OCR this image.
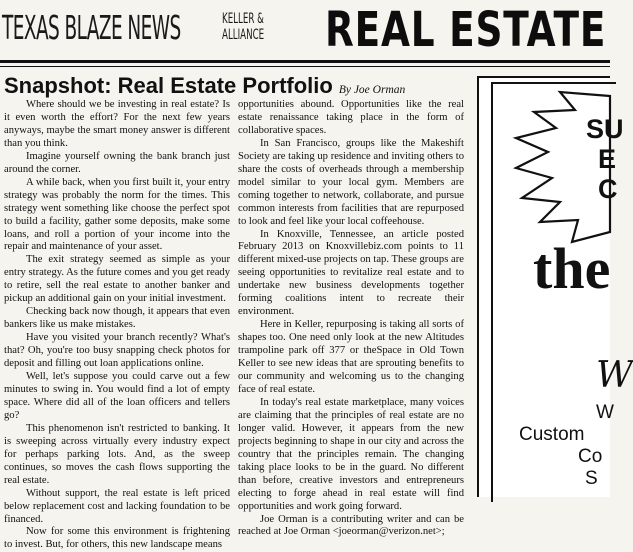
TEXAS BLAZE NEWS	KELLER &
ALLIANCE REAL ESTATE
Snapshot: Real Estate Portfolio By Joe Orman

Where should we be investing in real estate? Is it even worth the effort? For the next few years anyways, maybe the smart money answer is different than you think.

Imagine yourself owning the bank branch just around the corner.

A while back, when you first built it, your entry strategy was probably the norm for the times. This strategy went something like choose the perfect spot to build a facility, gather some deposits, make some loans, and roll a portion of your income into the repair and maintenance of your asset.

The exit strategy seemed as simple as your entry strategy. As the future comes and you get ready to retire, sell the real estate to another banker and pickup an additional gain on your initial investment.

Checking back now though, it appears that even bankers like us make mistakes.

Have you visited your branch recently? What's that? Oh, you're too busy snapping check photos for deposit and filling out loan applications online.

Well, let's suppose you could carve out a few minutes to swing in. You would find a lot of empty space. Where did all of the loan officers and tellers go?

This phenomenon isn't restricted to banking. It is sweeping across virtually every industry expect for perhaps parking lots. And, as the sweep continues, so moves the cash flows supporting the real estate.

Without support, the real estate is left priced below replacement cost and lacking foundation to be financed.

Now for some this environment is frightening to invest. But, for others, this new landscape means

opportunities abound. Opportunities like the real estate renaissance taking place in the form of collaborative spaces.

In San Francisco, groups like the Makeshift Society are taking up residence and inviting others to share the costs of overheads through a membership model similar to your local gym. Members are coming together to network, collaborate, and pursue common interests from facilities that are repurposed to look and feel like your local coffeehouse.

In Knoxville, Tennessee, an article posted February 2013 on Knoxvillebiz.com points to 11 different mixed-use projects on tap. These groups are seeing opportunities to revitalize real estate and to undertake new business developments together forming coalitions intent to recreate their environment.

Here in Keller, repurposing is taking all sorts of shapes too. One need only look at the new Altitudes trampoline park off 377 or theSpace in Old Town Keller to see new ideas that are sprouting benefits to our community and welcoming us to the changing face of real estate.

In today's real estate marketplace, many voices are claiming that the principles of real estate are no longer valid. However, it appears from the new projects beginning to shape in our city and across the country that the principles remain. The changing taking place looks to be in the guard. No different than before, creative investors and entrepreneurs electing to forge ahead in real estate will find opportunities and work going forward.

Joe Orman is a contributing writer and can be reached at Joe Orman <joeorman@verizon.net>;

SU
E
C
the
W
W
Custom
Co
S
